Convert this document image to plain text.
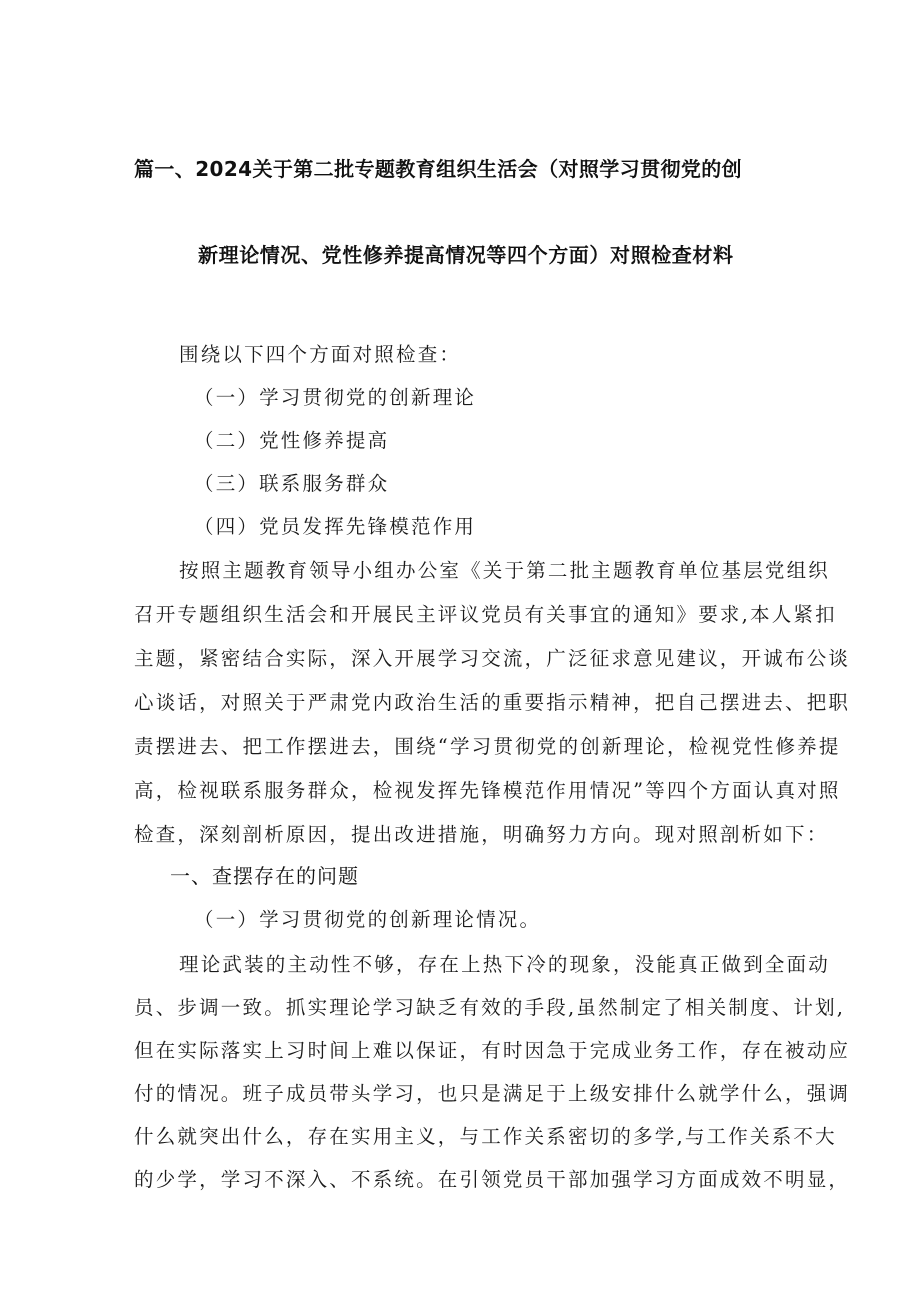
篇一、2024关于第二批专题教育组织生活会（对照学习贯彻党的创
新理论情况、党性修养提高情况等四个方面）对照检查材料
围绕以下四个方面对照检查：
（一）学习贯彻党的创新理论
（二）党性修养提高
（三）联系服务群众
（四）党员发挥先锋模范作用
按照主题教育领导小组办公室《关于第二批主题教育单位基层党组织
召开专题组织生活会和开展民主评议党员有关事宜的通知》要求,本人紧扣
主题，紧密结合实际，深入开展学习交流，广泛征求意见建议，开诚布公谈
心谈话，对照关于严肃党内政治生活的重要指示精神，把自己摆进去、把职
责摆进去、把工作摆进去，围绕“学习贯彻党的创新理论，检视党性修养提
高，检视联系服务群众，检视发挥先锋模范作用情况”等四个方面认真对照
检查，深刻剖析原因，提出改进措施，明确努力方向。现对照剖析如下：
一、查摆存在的问题
（一）学习贯彻党的创新理论情况。
理论武装的主动性不够，存在上热下冷的现象，没能真正做到全面动
员、步调一致。抓实理论学习缺乏有效的手段,虽然制定了相关制度、计划,
但在实际落实上习时间上难以保证，有时因急于完成业务工作，存在被动应
付的情况。班子成员带头学习，也只是满足于上级安排什么就学什么，强调
什么就突出什么，存在实用主义，与工作关系密切的多学,与工作关系不大
的少学，学习不深入、不系统。在引领党员干部加强学习方面成效不明显，
